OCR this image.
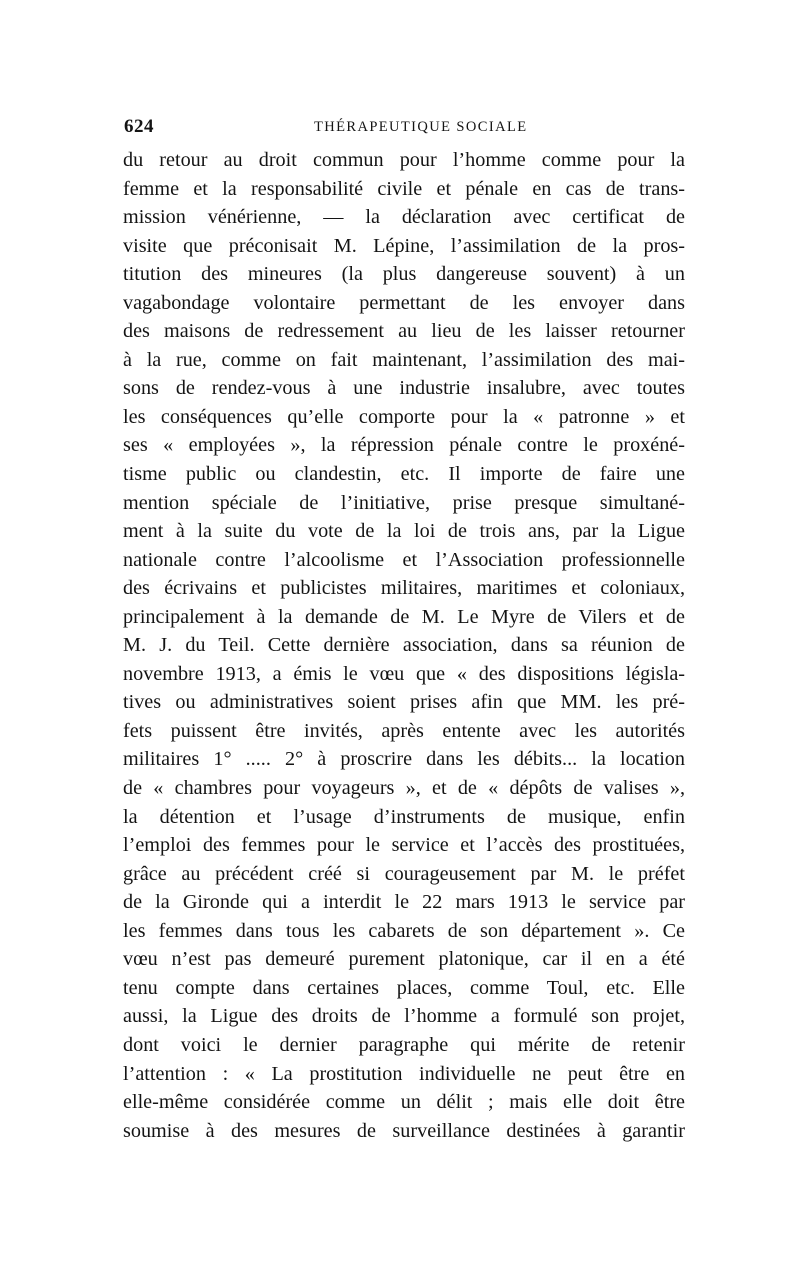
624	THÉRAPEUTIQUE SOCIALE
du retour au droit commun pour l’homme comme pour la
femme et la responsabilité civile et pénale en cas de trans-
mission vénérienne, — la déclaration avec certificat de
visite que préconisait M. Lépine, l’assimilation de la pros-
titution des mineures (la plus dangereuse souvent) à un
vagabondage volontaire permettant de les envoyer dans
des maisons de redressement au lieu de les laisser retourner
à la rue, comme on fait maintenant, l’assimilation des mai-
sons de rendez-vous à une industrie insalubre, avec toutes
les conséquences qu’elle comporte pour la « patronne » et
ses « employées », la répression pénale contre le proxéné-
tisme public ou clandestin, etc. Il importe de faire une
mention spéciale de l’initiative, prise presque simultané-
ment à la suite du vote de la loi de trois ans, par la Ligue
nationale contre l’alcoolisme et l’Association professionnelle
des écrivains et publicistes militaires, maritimes et coloniaux,
principalement à la demande de M. Le Myre de Vilers et de
M. J. du Teil. Cette dernière association, dans sa réunion de
novembre 1913, a émis le vœu que « des dispositions législa-
tives ou administratives soient prises afin que MM. les pré-
fets puissent être invités, après entente avec les autorités
militaires 1° ..... 2° à proscrire dans les débits... la location
de « chambres pour voyageurs », et de « dépôts de valises »,
la détention et l’usage d’instruments de musique, enfin
l’emploi des femmes pour le service et l’accès des prostituées,
grâce au précédent créé si courageusement par M. le préfet
de la Gironde qui a interdit le 22 mars 1913 le service par
les femmes dans tous les cabarets de son département ». Ce
vœu n’est pas demeuré purement platonique, car il en a été
tenu compte dans certaines places, comme Toul, etc. Elle
aussi, la Ligue des droits de l’homme a formulé son projet,
dont voici le dernier paragraphe qui mérite de retenir
l’attention : « La prostitution individuelle ne peut être en
elle-même considérée comme un délit ; mais elle doit être
soumise à des mesures de surveillance destinées à garantir
